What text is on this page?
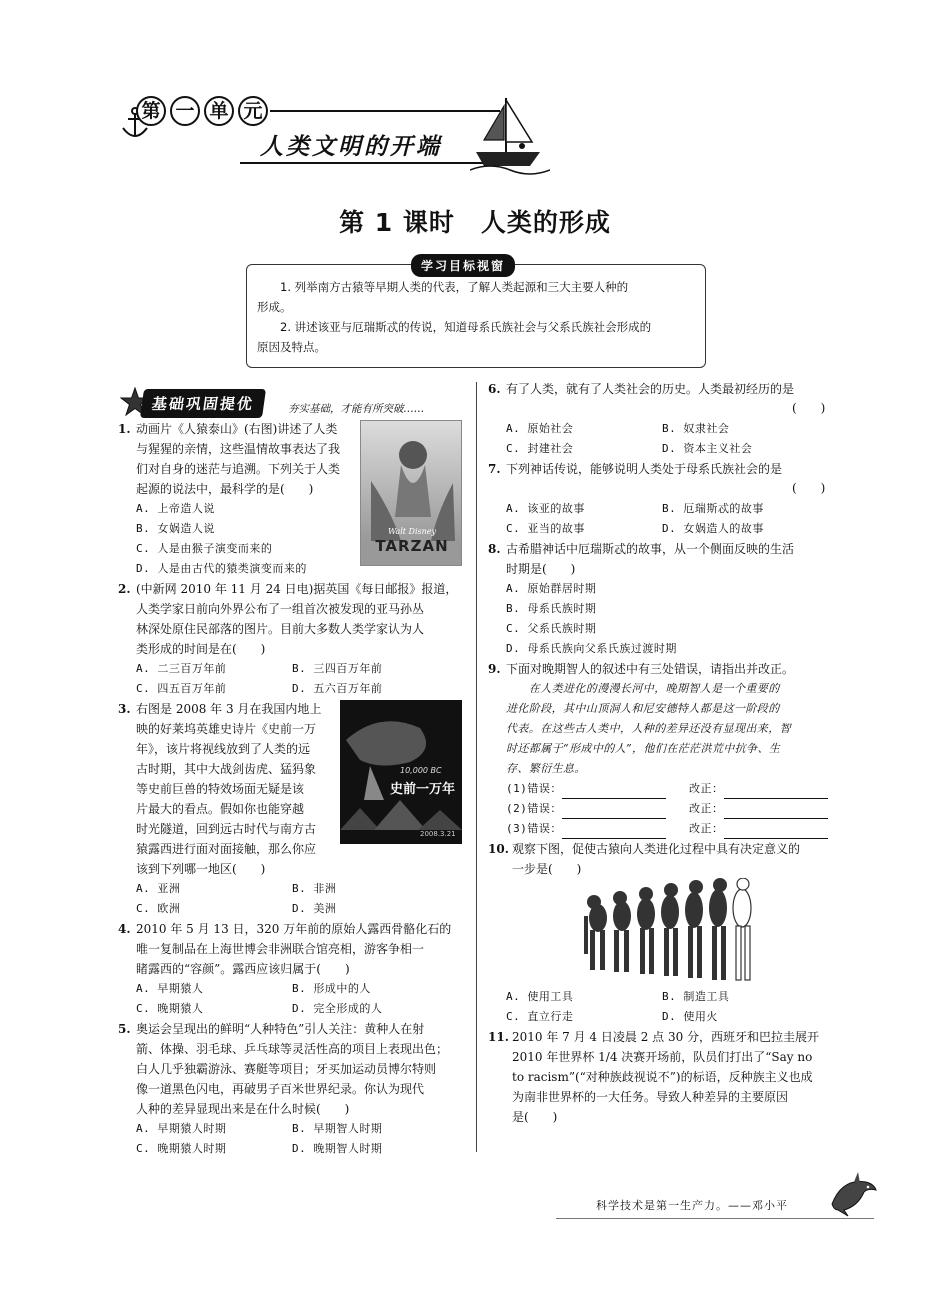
第 一 单 元
人类文明的开端
第 1 课时　人类的形成
学习目标视窗
　　1. 列举南方古猿等早期人类的代表，了解人类起源和三大主要人种的
形成。
　　2. 讲述该亚与厄瑞斯忒的传说，知道母系氏族社会与父系氏族社会形成的
原因及特点。
基础巩固提优	夯实基础，才能有所突破……
1. 动画片《人猿泰山》(右图)讲述了人类
与猩猩的亲情，这些温情故事表达了我
们对自身的迷茫与追溯。下列关于人类
起源的说法中，最科学的是(　　)
A. 上帝造人说
B. 女娲造人说
C. 人是由猴子演变而来的
D. 人是由古代的猿类演变而来的
Walt Disney
TARZAN
2. (中新网 2010 年 11 月 24 日电)据英国《每日邮报》报道，
人类学家日前向外界公布了一组首次被发现的亚马孙丛
林深处原住民部落的图片。目前大多数人类学家认为人
类形成的时间是在(　　)
A. 二三百万年前	B. 三四百万年前
C. 四五百万年前	D. 五六百万年前
3. 右图是 2008 年 3 月在我国内地上
映的好莱坞英雄史诗片《史前一万
年》，该片将视线放到了人类的远
古时期，其中大战剑齿虎、猛犸象
等史前巨兽的特效场面无疑是该
片最大的看点。假如你也能穿越
时光隧道，回到远古时代与南方古
猿露西进行面对面接触，那么你应
该到下列哪一地区(　　)
A. 亚洲	B. 非洲
C. 欧洲	D. 美洲
10,000 BC
史前一万年
2008.3.21
4. 2010 年 5 月 13 日，320 万年前的原始人露西骨骼化石的
唯一复制品在上海世博会非洲联合馆亮相，游客争相一
睹露西的“容颜”。露西应该归属于(　　)
A. 早期猿人	B. 形成中的人
C. 晚期猿人	D. 完全形成的人
5. 奥运会呈现出的鲜明“人种特色”引人关注：黄种人在射
箭、体操、羽毛球、乒乓球等灵活性高的项目上表现出色；
白人几乎独霸游泳、赛艇等项目；牙买加运动员博尔特则
像一道黑色闪电，再破男子百米世界纪录。你认为现代
人种的差异显现出来是在什么时候(　　)
A. 早期猿人时期	B. 早期智人时期
C. 晚期猿人时期	D. 晚期智人时期
6. 有了人类，就有了人类社会的历史。人类最初经历的是
(　　)
A. 原始社会	B. 奴隶社会
C. 封建社会	D. 资本主义社会
7. 下列神话传说，能够说明人类处于母系氏族社会的是
(　　)
A. 该亚的故事	B. 厄瑞斯忒的故事
C. 亚当的故事	D. 女娲造人的故事
8. 古希腊神话中厄瑞斯忒的故事，从一个侧面反映的生活
时期是(　　)
A. 原始群居时期
B. 母系氏族时期
C. 父系氏族时期
D. 母系氏族向父系氏族过渡时期
9. 下面对晚期智人的叙述中有三处错误，请指出并改正。
　　在人类进化的漫漫长河中，晚期智人是一个重要的
进化阶段，其中山顶洞人和尼安德特人都是这一阶段的
代表。在这些古人类中，人种的差异还没有显现出来，智
时还都属于“形成中的人”，他们在茫茫洪荒中抗争、生
存、繁衍生息。
(1)错误：	改正：
(2)错误：	改正：
(3)错误：	改正：
10. 观察下图，促使古猿向人类进化过程中具有决定意义的
一步是(　　)
A. 使用工具	B. 制造工具
C. 直立行走	D. 使用火
11. 2010 年 7 月 4 日凌晨 2 点 30 分，西班牙和巴拉圭展开
2010 年世界杯 1/4 决赛开场前，队员们打出了“Say no
to racism”(“对种族歧视说不”)的标语，反种族主义也成
为南非世界杯的一大任务。导致人种差异的主要原因
是(　　)
科学技术是第一生产力。——邓小平
